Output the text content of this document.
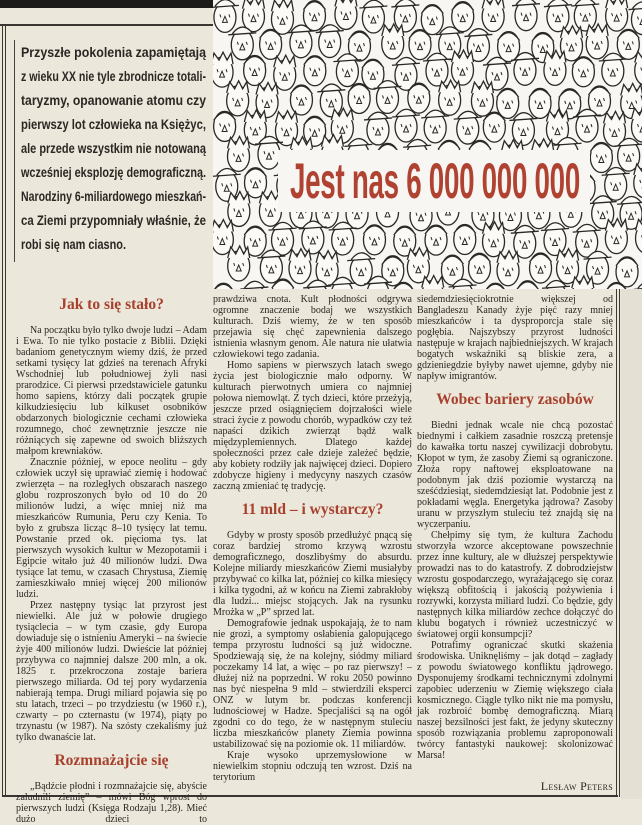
Jest nas 6 000 000 000
Przyszłe pokolenia zapamiętają
z wieku XX nie tyle zbrodnicze totali-
taryzmy, opanowanie atomu czy
pierwszy lot człowieka na Księżyc,
ale przede wszystkim nie notowaną
wcześniej eksplozję demograficzną.
Narodziny 6-miliardowego mieszkań-
ca Ziemi przypomniały właśnie, że
robi się nam ciasno.
Jak to się stało?

Na początku było tylko dwoje ludzi – Adam i Ewa. To nie tylko postacie z Biblii. Dzięki badaniom genetycznym wiemy dziś, że przed setkami tysięcy lat gdzieś na terenach Afryki Wschodniej lub południowej żyli nasi prarodzice. Ci pierwsi przedstawiciele gatunku homo sapiens, którzy dali początek grupie kilkudziesięciu lub kilkuset osobników obdarzonych biologicznie cechami człowieka rozumnego, choć zewnętrznie jeszcze nie różniących się zapewne od swoich bliższych małpom krewniaków.

Znacznie później, w epoce neolitu – gdy człowiek uczył się uprawiać ziemię i hodować zwierzęta – na rozległych obszarach naszego globu rozproszonych było od 10 do 20 milionów ludzi, a więc mniej niż ma mieszkańców Rumunia, Peru czy Kenia. To było z grubsza licząc 8–10 tysięcy lat temu. Powstanie przed ok. pięcioma tys. lat pierwszych wysokich kultur w Mezopotamii i Egipcie witało już 40 milionów ludzi. Dwa tysiące lat temu, w czasach Chrystusa, Ziemię zamieszkiwało mniej więcej 200 milionów ludzi.

Przez następny tysiąc lat przyrost jest niewielki. Ale już w połowie drugiego tysiąclecia – w tym czasie, gdy Europa dowiaduje się o istnieniu Ameryki – na świecie żyje 400 milionów ludzi. Dwieście lat później przybywa co najmniej dalsze 200 mln, a ok. 1825 r. przekroczona zostaje bariera pierwszego miliarda. Od tej pory wydarzenia nabierają tempa. Drugi miliard pojawia się po stu latach, trzeci – po trzydziestu (w 1960 r.), czwarty – po czternastu (w 1974), piąty po trzynastu (w 1987). Na szósty czekaliśmy już tylko dwanaście lat.

Rozmnażajcie się

„Bądźcie płodni i rozmnażajcie się, abyście zaludnili ziemię” – mówi Bóg wprost do pierwszych ludzi (Księga Rodzaju 1,28). Mieć dużo dzieci to

prawdziwa cnota. Kult płodności odgrywa ogromne znaczenie bodaj we wszystkich kulturach. Dziś wiemy, że w ten sposób przejawia się chęć zapewnienia dalszego istnienia własnym genom. Ale natura nie ułatwia człowiekowi tego zadania.

Homo sapiens w pierwszych latach swego życia jest biologicznie mało odporny. W kulturach pierwotnych umiera co najmniej połowa niemowląt. Z tych dzieci, które przeżyją, jeszcze przed osiągnięciem dojrzałości wiele straci życie z powodu chorób, wypadków czy też napaści dzikich zwierząt bądź walk międzyplemiennych. Dlatego każdej społeczności przez całe dzieje zależeć będzie, aby kobiety rodziły jak najwięcej dzieci. Dopiero zdobycze higieny i medycyny naszych czasów zaczną zmieniać tę tradycję.

11 mld – i wystarczy?

Gdyby w prosty sposób przedłużyć pnącą się coraz bardziej stromo krzywą wzrostu demograficznego, doszlibyśmy do absurdu. Kolejne miliardy mieszkańców Ziemi musiałyby przybywać co kilka lat, później co kilka miesięcy i kilka tygodni, aż w końcu na Ziemi zabrakłoby dla ludzi... miejsc stojących. Jak na rysunku Mrożka w „P” sprzed lat.

Demografowie jednak uspokajają, że to nam nie grozi, a symptomy osłabienia galopującego tempa przyrostu ludności są już widoczne. Spodziewają się, że na kolejny, siódmy miliard poczekamy 14 lat, a więc – po raz pierwszy! – dłużej niż na poprzedni. W roku 2050 powinno nas być niespełna 9 mld – stwierdzili eksperci ONZ w lutym br. podczas konferencji ludnościowej w Hadze. Specjaliści są na ogół zgodni co do tego, że w następnym stuleciu liczba mieszkańców planety Ziemia powinna ustabilizować się na poziomie ok. 11 miliardów.

Kraje wysoko uprzemysłowione w niewielkim stopniu odczują ten wzrost. Dziś na terytorium

siedemdziesięciokrotnie większej od Bangladeszu Kanady żyje pięć razy mniej mieszkańców i ta dysproporcja stale się pogłębia. Najszybszy przyrost ludności następuje w krajach najbiedniejszych. W krajach bogatych wskaźniki są bliskie zera, a gdzieniegdzie byłyby nawet ujemne, gdyby nie napływ imigrantów.

Wobec bariery zasobów

Biedni jednak wcale nie chcą pozostać biednymi i całkiem zasadnie roszczą pretensje do kawałka tortu naszej cywilizacji dobrobytu. Kłopot w tym, że zasoby Ziemi są ograniczone. Złoża ropy naftowej eksploatowane na podobnym jak dziś poziomie wystarczą na sześćdziesiąt, siedemdziesiąt lat. Podobnie jest z pokładami węgla. Energetyka jądrowa? Zasoby uranu w przyszłym stuleciu też znajdą się na wyczerpaniu.

Chełpimy się tym, że kultura Zachodu stworzyła wzorce akceptowane powszechnie przez inne kultury, ale w dłuższej perspektywie prowadzi nas to do katastrofy. Z dobrodziejstw wzrostu gospodarczego, wyrażającego się coraz większą obfitością i jakością pożywienia i rozrywki, korzysta miliard ludzi. Co będzie, gdy następnych kilka miliardów zechce dołączyć do klubu bogatych i również uczestniczyć w światowej orgii konsumpcji?

Potrafimy ograniczać skutki skażenia środowiska. Uniknęliśmy – jak dotąd – zagłady z powodu światowego konfliktu jądrowego. Dysponujemy środkami technicznymi zdolnymi zapobiec uderzeniu w Ziemię większego ciała kosmicznego. Ciągle tylko nikt nie ma pomysłu, jak rozbroić bombę demograficzną. Miarą naszej bezsilności jest fakt, że jedyny skuteczny sposób rozwiązania problemu zaproponowali twórcy fantastyki naukowej: skolonizować Marsa!

Lesław Peters
